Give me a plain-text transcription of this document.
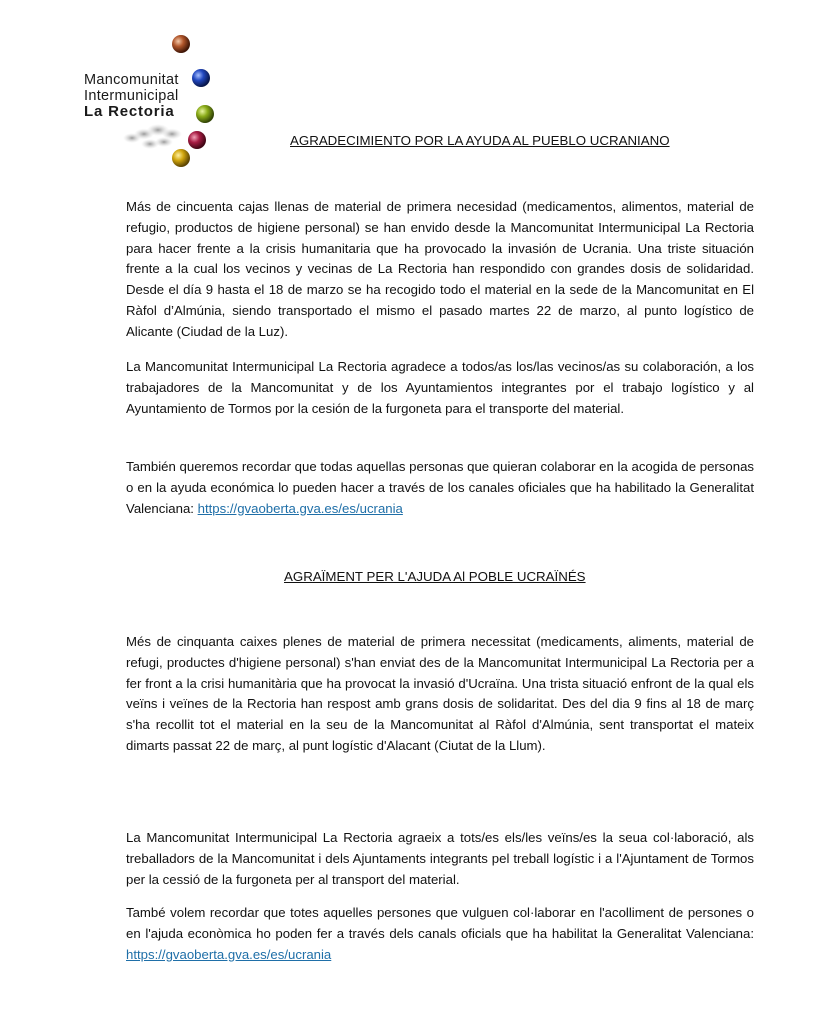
Mancomunitat
Intermunicipal
La Rectoria
AGRADECIMIENTO POR LA AYUDA AL PUEBLO UCRANIANO

Más de cincuenta cajas llenas de material de primera necesidad (medicamentos, alimentos, material de refugio, productos de higiene personal) se han envido desde la Mancomunitat Intermunicipal La Rectoria para hacer frente a la crisis humanitaria que ha provocado la invasión de Ucrania. Una triste situación frente a la cual los vecinos y vecinas de La Rectoria han respondido con grandes dosis de solidaridad. Desde el día 9 hasta el 18 de marzo se ha recogido todo el material en la sede de la Mancomunitat en El Ràfol d’Almúnia, siendo transportado el mismo el pasado martes 22 de marzo, al punto logístico de Alicante (Ciudad de la Luz).

La Mancomunitat Intermunicipal La Rectoria agradece a todos/as los/las vecinos/as su colaboración, a los trabajadores de la Mancomunitat y de los Ayuntamientos integrantes por el trabajo logístico y al Ayuntamiento de Tormos por la cesión de la furgoneta para el transporte del material.

También queremos recordar que todas aquellas personas que quieran colaborar en la acogida de personas o en la ayuda económica lo pueden hacer a través de los canales oficiales que ha habilitado la Generalitat Valenciana: https://gvaoberta.gva.es/es/ucrania

AGRAÏMENT PER L'AJUDA Al POBLE UCRAÏNÉS

Més de cinquanta caixes plenes de material de primera necessitat (medicaments, aliments, material de refugi, productes d'higiene personal) s'han enviat des de la Mancomunitat Intermunicipal La Rectoria per a fer front a la crisi humanitària que ha provocat la invasió d'Ucraïna. Una trista situació enfront de la qual els veïns i veïnes de la Rectoria han respost amb grans dosis de solidaritat. Des del dia 9 fins al 18 de març s'ha recollit tot el material en la seu de la Mancomunitat al Ràfol d'Almúnia, sent transportat el mateix dimarts passat 22 de març, al punt logístic d'Alacant (Ciutat de la Llum).

La Mancomunitat Intermunicipal La Rectoria agraeix a tots/es els/les veïns/es la seua col·laboració, als treballadors de la Mancomunitat i dels Ajuntaments integrants pel treball logístic i a l'Ajuntament de Tormos per la cessió de la furgoneta per al transport del material.

També volem recordar que totes aquelles persones que vulguen col·laborar en l'acolliment de persones o en l'ajuda econòmica ho poden fer a través dels canals oficials que ha habilitat la Generalitat Valenciana: https://gvaoberta.gva.es/es/ucrania
